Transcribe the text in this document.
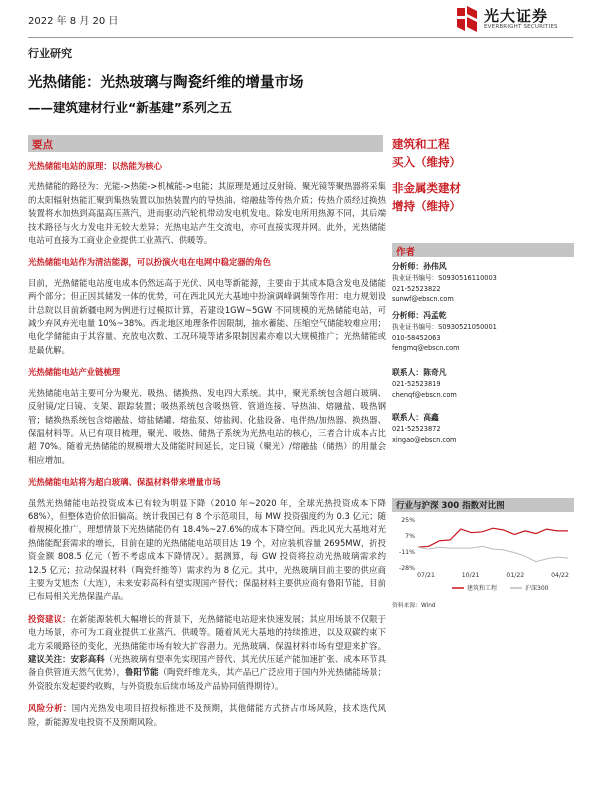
2022 年 8 月 20 日	光大证券
EVERBRIGHT SECURITIES
行业研究
光热储能：光热玻璃与陶瓷纤维的增量市场
——建筑建材行业“新基建”系列之五
要点
光热储能电站的原理：以热能为核心

光热储能的路径为：光能->热能->机械能->电能；其原理是通过反射镜、聚光镜等聚热器将采集的太阳辐射热能汇聚到集热装置以加热装置内的导热油、熔融盐等传热介质；传热介质经过换热装置将水加热到高温高压蒸汽，进而驱动汽轮机带动发电机发电。除发电所用热源不同，其后端技术路径与火力发电并无较大差异；光热电站产生交流电，亦可直接实现并网。此外，光热储能电站可直接为工商业企业提供工业蒸汽、供暖等。

光热储能电站作为清洁能源，可以扮演火电在电网中稳定器的角色

目前，光热储能电站度电成本仍然远高于光伏、风电等新能源，主要由于其成本隐含发电及储能两个部分；但正因其储发一体的优势，可在西北风光大基地中扮演调峰调频等作用：电力规划设计总院以目前新疆电网为例进行过模拟计算，若建设1GW~5GW 不同规模的光热储能电站，可减少弃风弃光电量 10%~38%。西北地区地理条件因限制，抽水蓄能、压缩空气储能较难应用；电化学储能由于其容量、充放电次数、工况环境等诸多限制因素亦难以大规模推广；光热储能或是最优解。

光热储能电站产业链梳理

光热储能电站主要可分为聚光、吸热、储换热、发电四大系统。其中，聚光系统包含超白玻璃、反射镜/定日镜、支架、跟踪装置；吸热系统包含吸热管、管道连接、导热油、熔融盐、吸热钢管；储换热系统包含熔融盐、熔盐储罐、熔盐泵、熔盐阀、化盐设备、电伴热/加热器、换热器、保温材料等。从已有项目梳理，聚光、吸热、储热子系统为光热电站的核心，三者合计成本占比超 70%。随着光热储能的规模增大及储能时间延长，定日镜（聚光）/熔融盐（储热）的用量会相应增加。

光热储能电站将为超白玻璃、保温材料带来增量市场

虽然光热储能电站投资成本已有较为明显下降（2010 年~2020 年，全球光热投资成本下降 68%），但整体造价依旧偏高。统计我国已有 8 个示范项目，每 MW 投资强度约为 0.3 亿元；随着规模化推广，理想情景下光热储能仍有 18.4%~27.6%的成本下降空间。西北风光大基地对光热储能配套需求的增长，目前在建的光热储能电站项目达 19 个，对应装机容量 2695MW，折投资金额 808.5 亿元（暂不考虑成本下降情况）。据测算，每 GW 投资将拉动光热玻璃需求约 12.5 亿元；拉动保温材料（陶瓷纤维等）需求约为 8 亿元。其中，光热玻璃目前主要的供应商主要为艾旭杰（大连），未来安彩高科有望实现国产替代；保温材料主要供应商有鲁阳节能，目前已布局相关光热保温产品。

投资建议：在新能源装机大幅增长的背景下，光热储能电站迎来快速发展；其应用场景不仅限于电力场景，亦可为工商业提供工业蒸汽、供暖等。随着风光大基地的持续推进，以及双碳约束下北方采暖路径的变化，光热储能市场有较大扩容潜力。光热玻璃、保温材料市场有望迎来扩容。建议关注：安彩高科（光热玻璃有望率先实现国产替代、其光伏压延产能加速扩张、成本环节具备自供管道天然气优势），鲁阳节能（陶瓷纤维龙头，其产品已广泛应用于国内外光热储能场景；外资股东发起要约收购，与外资股东后续市场及产品协同值得期待）。

风险分析：国内光热发电项目招投标推进不及预期，其他储能方式挤占市场风险，技术迭代风险，新能源发电投资不及预期风险。

建筑和工程
买入（维持）
非金属类建材
增持（维持）
作者
分析师：孙伟风
执业证书编号：S0930516110003
021-52523822
sunwf@ebscn.com
分析师：冯孟乾
执业证书编号：S0930521050001
010-58452063
fengmq@ebscn.com
联系人：陈奇凡
021-52523819
chenqf@ebscn.com
联系人：高鑫
021-52523872
xingao@ebscn.com
行业与沪深 300 指数对比图
25%
7%
-11%
-28%
07/21	10/21	01/22	04/22
建筑和工程	沪深300
资料来源：Wind
